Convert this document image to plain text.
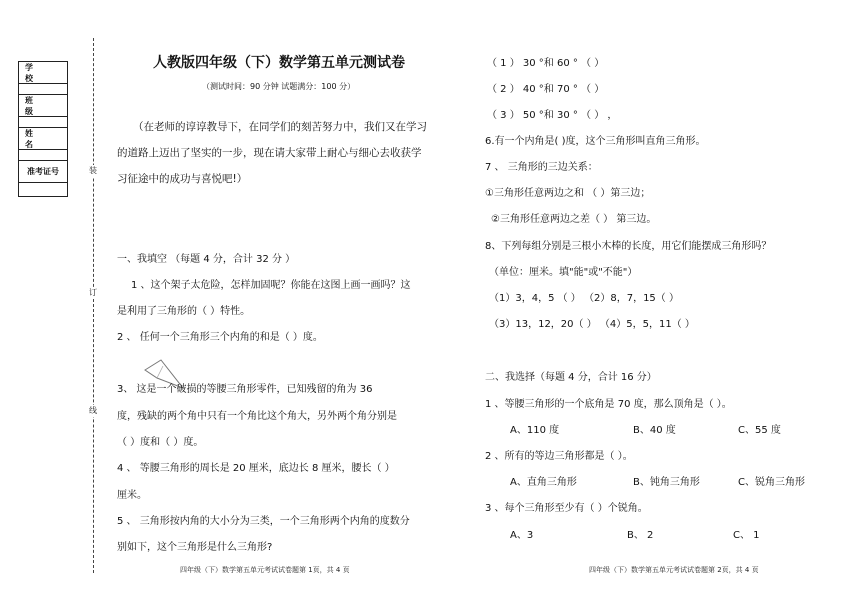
学 校
班 级
姓 名
准考证号	装
订
线
人教版四年级（下）数学第五单元测试卷
（测试时间：90 分钟 试题满分：100 分）
（在老师的谆谆教导下，在同学们的刻苦努力中，我们又在学习
的道路上迈出了坚实的一步，现在请大家带上耐心与细心去收获学
习征途中的成功与喜悦吧!）
一、我填空 （每题 4 分，合计 32 分 ）
1 、这个架子太危险，怎样加固呢？你能在这图上画一画吗？这
是利用了三角形的（ ）特性。
2 、 任何一个三角形三个内角的和是（ ）度。
3、 这是一个破损的等腰三角形零件，已知残留的角为 36
度，残缺的两个角中只有一个角比这个角大，另外两个角分别是
（ ）度和（ ）度。
4 、 等腰三角形的周长是 20 厘米，底边长 8 厘米，腰长（ ）
厘米。
5 、 三角形按内角的大小分为三类，一个三角形两个内角的度数分
别如下，这个三角形是什么三角形?
四年级（下）数学第五单元考试试卷题第 1页，共 4 页
（ 1 ） 30 °和 60 ° （ ）
（ 2 ） 40 °和 70 ° （ ）
（ 3 ） 50 °和 30 ° （ ） ，
6.有一个内角是( )度，这个三角形叫直角三角形。
7 、 三角形的三边关系：
①三角形任意两边之和 （ ）第三边；
②三角形任意两边之差（ ） 第三边。
8、下列每组分别是三根小木棒的长度，用它们能摆成三角形吗？
（单位：厘米。填"能"或"不能"）
（1）3，4，5 （ ） （2）8，7，15（ ）
（3）13，12，20（ ） （4）5，5，11（ ）
二、我选择（每题 4 分，合计 16 分）
1 、等腰三角形的一个底角是 70 度，那么顶角是（ ）。
A、110 度	B、40 度	C、55 度
2 、所有的等边三角形都是（ ）。
A、直角三角形	B、钝角三角形	C、锐角三角形
3 、每个三角形至少有（ ）个锐角。
A、3	B、 2	C、 1
四年级（下）数学第五单元考试试卷题第 2页，共 4 页
